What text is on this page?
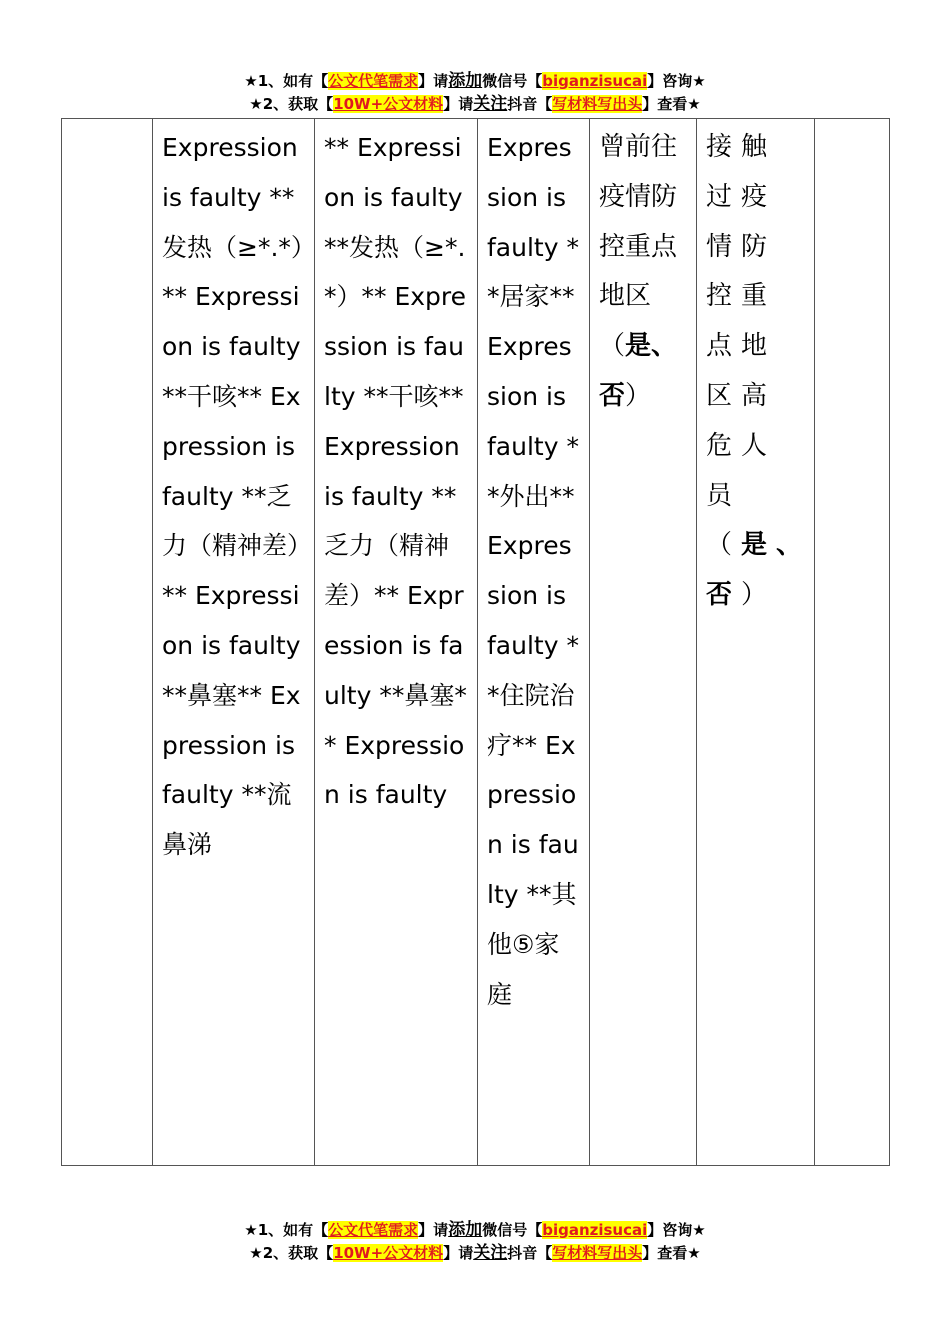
★1、如有【公文代笔需求】请添加微信号【biganzisucai】咨询★
★2、获取【10W+公文材料】请关注抖音【写材料写出头】查看★

Expression is faulty **发热（≥*.*）** Expression is faulty **干咳** Expression is faulty **乏力（精神差）** Expression is faulty **鼻塞** Expression is faulty **流鼻涕

** Expression is faulty **发热（≥*.*）** Expression is faulty **干咳** Expression is faulty **乏力（精神差）** Expression is faulty **鼻塞** Expression is faulty

Expression is faulty **居家** Expression is faulty **外出** Expression is faulty **住院治疗** Expression is faulty **其他⑤家庭

曾前往疫情防控重点地区（是、否）

接触过疫情防控重点地区高危人员（是、否）

★1、如有【公文代笔需求】请添加微信号【biganzisucai】咨询★
★2、获取【10W+公文材料】请关注抖音【写材料写出头】查看★
